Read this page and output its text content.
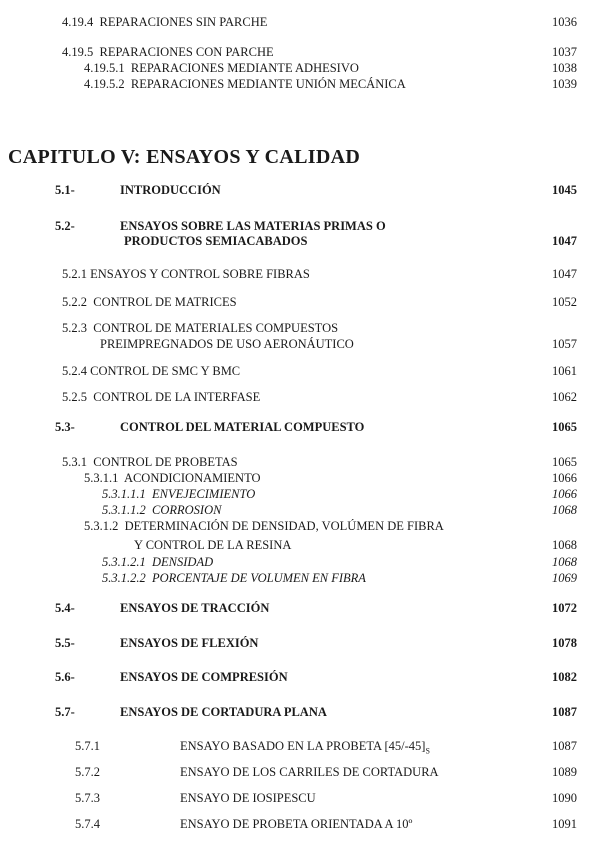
4.19.4 REPARACIONES SIN PARCHE	1036
4.19.5 REPARACIONES CON PARCHE	1037
4.19.5.1 REPARACIONES MEDIANTE ADHESIVO	1038
4.19.5.2 REPARACIONES MEDIANTE UNIÓN MECÁNICA	1039
CAPITULO V: ENSAYOS Y CALIDAD
5.1-	INTRODUCCIÓN	1045
5.2-	ENSAYOS SOBRE LAS MATERIAS PRIMAS O
PRODUCTOS SEMIACABADOS	1047
5.2.1 ENSAYOS Y CONTROL SOBRE FIBRAS	1047
5.2.2 CONTROL DE MATRICES	1052
5.2.3 CONTROL DE MATERIALES COMPUESTOS
PREIMPREGNADOS DE USO AERONÁUTICO	1057
5.2.4 CONTROL DE SMC Y BMC	1061
5.2.5 CONTROL DE LA INTERFASE	1062
5.3-	CONTROL DEL MATERIAL COMPUESTO	1065
5.3.1 CONTROL DE PROBETAS	1065
5.3.1.1 ACONDICIONAMIENTO	1066
5.3.1.1.1 ENVEJECIMIENTO	1066
5.3.1.1.2 CORROSION	1068
5.3.1.2 DETERMINACIÓN DE DENSIDAD, VOLÚMEN DE FIBRA
Y CONTROL DE LA RESINA	1068
5.3.1.2.1 DENSIDAD	1068
5.3.1.2.2 PORCENTAJE DE VOLUMEN EN FIBRA	1069
5.4-	ENSAYOS DE TRACCIÓN	1072
5.5-	ENSAYOS DE FLEXIÓN	1078
5.6-	ENSAYOS DE COMPRESIÓN	1082
5.7-	ENSAYOS DE CORTADURA PLANA	1087
5.7.1	ENSAYO BASADO EN LA PROBETA $[45/-45]_S$	1087
5.7.2	ENSAYO DE LOS CARRILES DE CORTADURA	1089
5.7.3	ENSAYO DE IOSIPESCU	1090
5.7.4	ENSAYO DE PROBETA ORIENTADA A 10º	1091
